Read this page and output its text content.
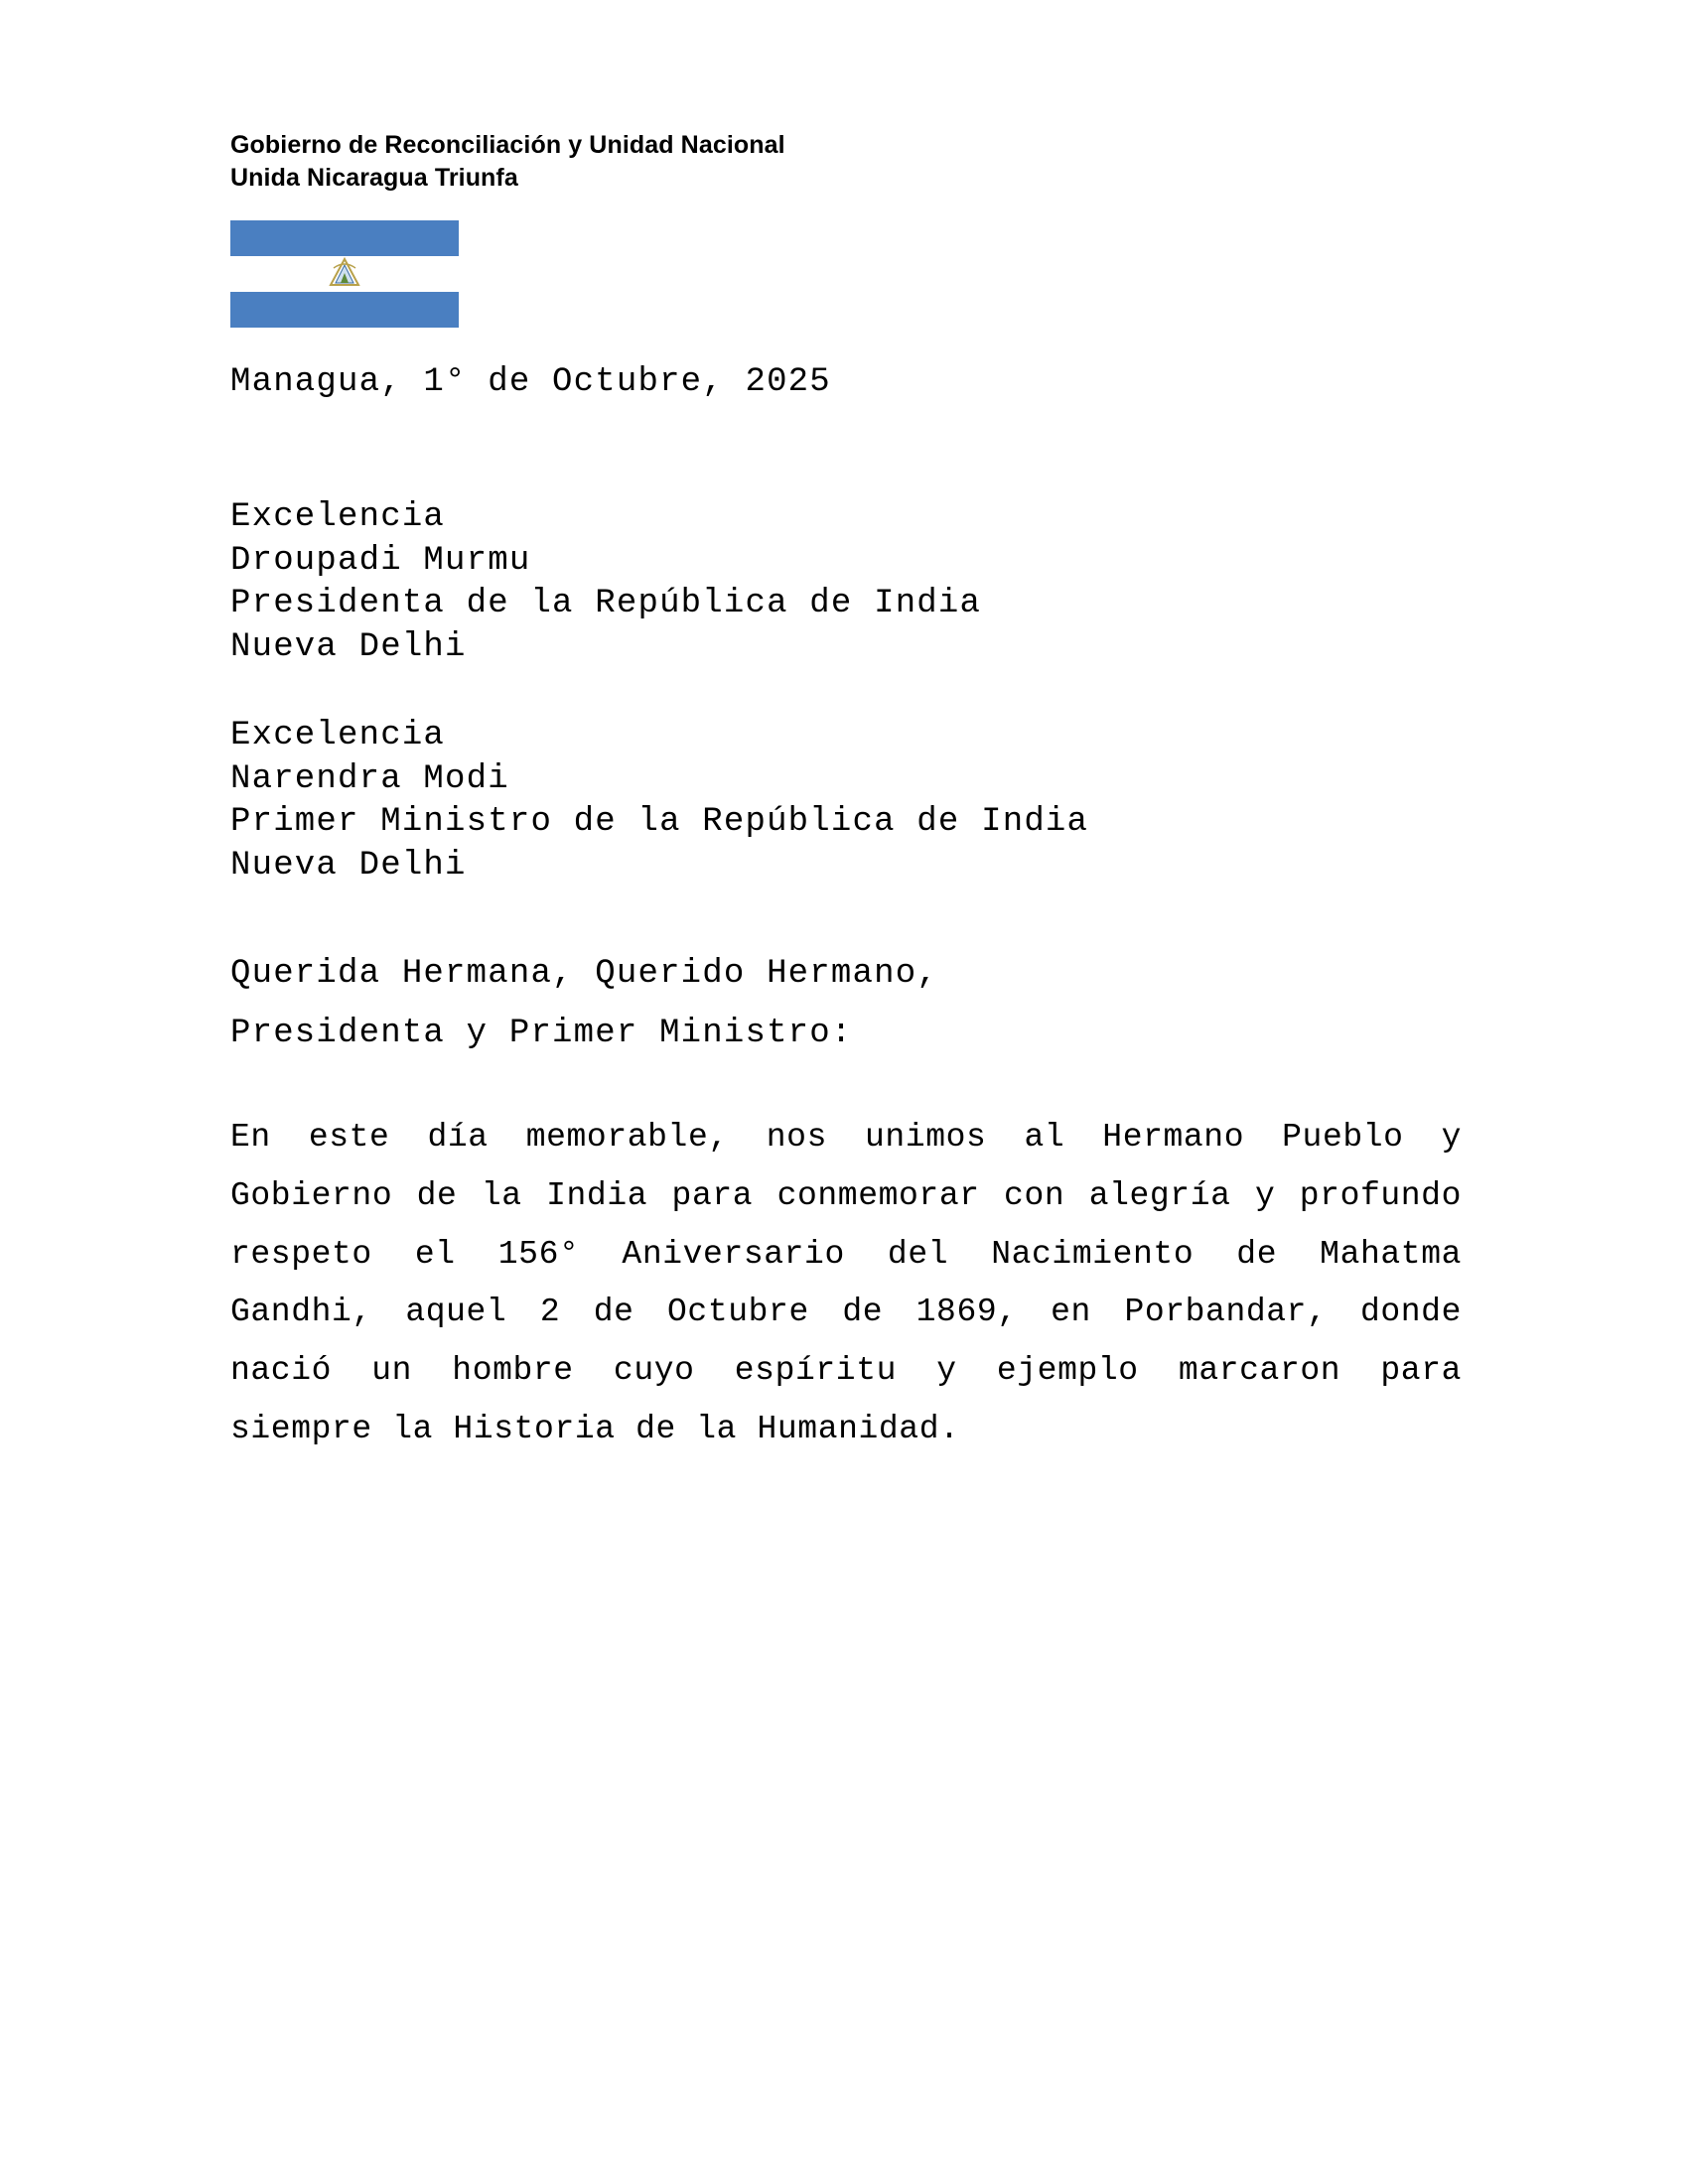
Gobierno de Reconciliación y Unidad Nacional
Unida Nicaragua Triunfa
Managua, 1° de Octubre, 2025
Excelencia
Droupadi Murmu
Presidenta de la República de India
Nueva Delhi
Excelencia
Narendra Modi
Primer Ministro de la República de India
Nueva Delhi
Querida Hermana, Querido Hermano,
Presidenta y Primer Ministro:

En este día memorable, nos unimos al Hermano Pueblo y Gobierno de la India para conmemorar con alegría y profundo respeto el 156° Aniversario del Nacimiento de Mahatma Gandhi, aquel 2 de Octubre de 1869, en Porbandar, donde nació un hombre cuyo espíritu y ejemplo marcaron para siempre la Historia de la Humanidad.
